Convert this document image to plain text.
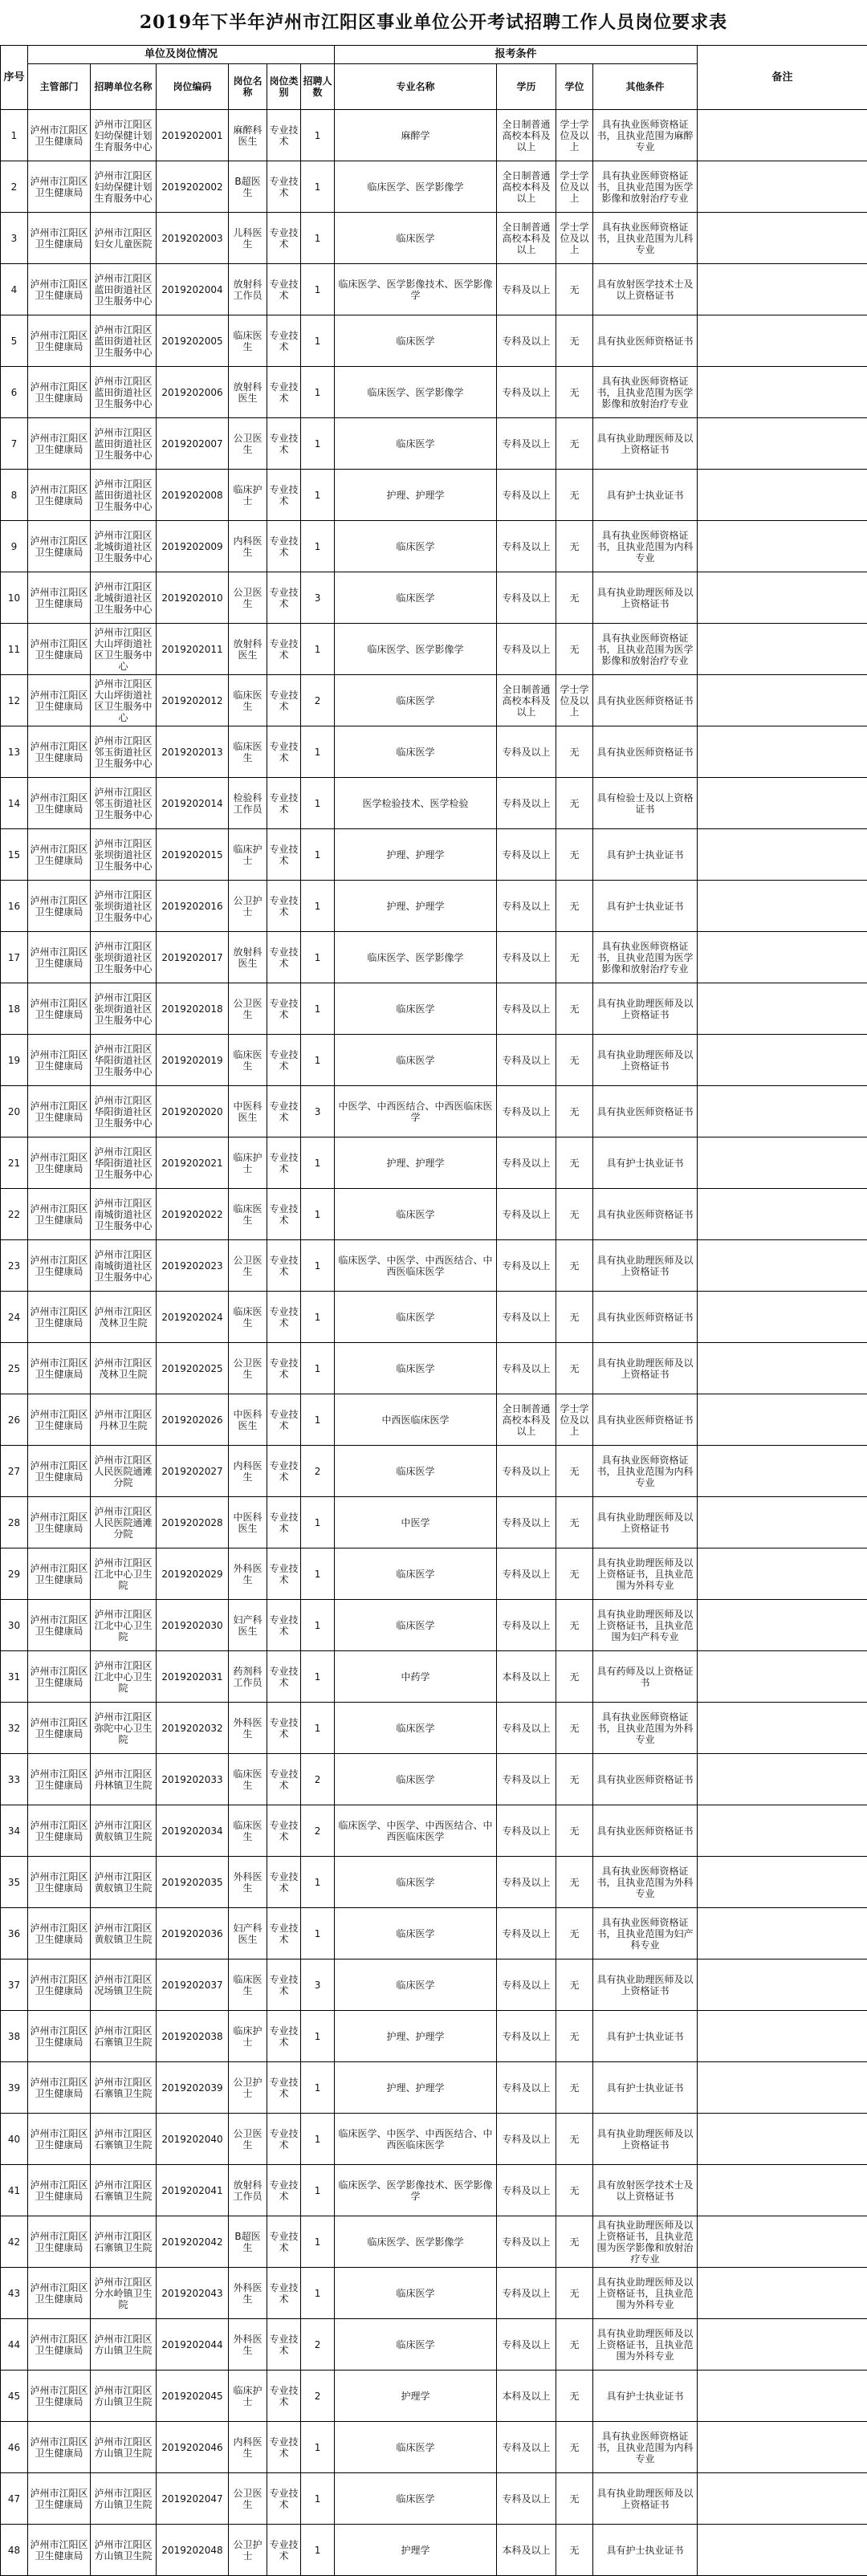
2019年下半年泸州市江阳区事业单位公开考试招聘工作人员岗位要求表
序号	单位及岗位情况						报考条件				备注
	主管部门	招聘单位名称	岗位编码	岗位名称	岗位类别	招聘人数	专业名称	学历	学位	其他条件	
1	泸州市江阳区卫生健康局	泸州市江阳区妇幼保健计划生育服务中心	2019202001	麻醉科医生	专业技术	1	麻醉学	全日制普通高校本科及以上	学士学位及以上	具有执业医师资格证书，且执业范围为麻醉专业	
2	泸州市江阳区卫生健康局	泸州市江阳区妇幼保健计划生育服务中心	2019202002	B超医生	专业技术	1	临床医学、医学影像学	全日制普通高校本科及以上	学士学位及以上	具有执业医师资格证书，且执业范围为医学影像和放射治疗专业	
3	泸州市江阳区卫生健康局	泸州市江阳区妇女儿童医院	2019202003	儿科医生	专业技术	1	临床医学	全日制普通高校本科及以上	学士学位及以上	具有执业医师资格证书，且执业范围为儿科专业	
4	泸州市江阳区卫生健康局	泸州市江阳区蓝田街道社区卫生服务中心	2019202004	放射科工作员	专业技术	1	临床医学、医学影像技术、医学影像学	专科及以上	无	具有放射医学技术士及以上资格证书	
5	泸州市江阳区卫生健康局	泸州市江阳区蓝田街道社区卫生服务中心	2019202005	临床医生	专业技术	1	临床医学	专科及以上	无	具有执业医师资格证书	
6	泸州市江阳区卫生健康局	泸州市江阳区蓝田街道社区卫生服务中心	2019202006	放射科医生	专业技术	1	临床医学、医学影像学	专科及以上	无	具有执业医师资格证书，且执业范围为医学影像和放射治疗专业	
7	泸州市江阳区卫生健康局	泸州市江阳区蓝田街道社区卫生服务中心	2019202007	公卫医生	专业技术	1	临床医学	专科及以上	无	具有执业助理医师及以上资格证书	
8	泸州市江阳区卫生健康局	泸州市江阳区蓝田街道社区卫生服务中心	2019202008	临床护士	专业技术	1	护理、护理学	专科及以上	无	具有护士执业证书	
9	泸州市江阳区卫生健康局	泸州市江阳区北城街道社区卫生服务中心	2019202009	内科医生	专业技术	1	临床医学	专科及以上	无	具有执业医师资格证书，且执业范围为内科专业	
10	泸州市江阳区卫生健康局	泸州市江阳区北城街道社区卫生服务中心	2019202010	公卫医生	专业技术	3	临床医学	专科及以上	无	具有执业助理医师及以上资格证书	
11	泸州市江阳区卫生健康局	泸州市江阳区大山坪街道社区卫生服务中心	2019202011	放射科医生	专业技术	1	临床医学、医学影像学	专科及以上	无	具有执业医师资格证书，且执业范围为医学影像和放射治疗专业	
12	泸州市江阳区卫生健康局	泸州市江阳区大山坪街道社区卫生服务中心	2019202012	临床医生	专业技术	2	临床医学	全日制普通高校本科及以上	学士学位及以上	具有执业医师资格证书	
13	泸州市江阳区卫生健康局	泸州市江阳区邻玉街道社区卫生服务中心	2019202013	临床医生	专业技术	1	临床医学	专科及以上	无	具有执业医师资格证书	
14	泸州市江阳区卫生健康局	泸州市江阳区邻玉街道社区卫生服务中心	2019202014	检验科工作员	专业技术	1	医学检验技术、医学检验	专科及以上	无	具有检验士及以上资格证书	
15	泸州市江阳区卫生健康局	泸州市江阳区张坝街道社区卫生服务中心	2019202015	临床护士	专业技术	1	护理、护理学	专科及以上	无	具有护士执业证书	
16	泸州市江阳区卫生健康局	泸州市江阳区张坝街道社区卫生服务中心	2019202016	公卫护士	专业技术	1	护理、护理学	专科及以上	无	具有护士执业证书	
17	泸州市江阳区卫生健康局	泸州市江阳区张坝街道社区卫生服务中心	2019202017	放射科医生	专业技术	1	临床医学、医学影像学	专科及以上	无	具有执业医师资格证书，且执业范围为医学影像和放射治疗专业	
18	泸州市江阳区卫生健康局	泸州市江阳区张坝街道社区卫生服务中心	2019202018	公卫医生	专业技术	1	临床医学	专科及以上	无	具有执业助理医师及以上资格证书	
19	泸州市江阳区卫生健康局	泸州市江阳区华阳街道社区卫生服务中心	2019202019	临床医生	专业技术	1	临床医学	专科及以上	无	具有执业助理医师及以上资格证书	
20	泸州市江阳区卫生健康局	泸州市江阳区华阳街道社区卫生服务中心	2019202020	中医科医生	专业技术	3	中医学、中西医结合、中西医临床医学	专科及以上	无	具有执业医师资格证书	
21	泸州市江阳区卫生健康局	泸州市江阳区华阳街道社区卫生服务中心	2019202021	临床护士	专业技术	1	护理、护理学	专科及以上	无	具有护士执业证书	
22	泸州市江阳区卫生健康局	泸州市江阳区南城街道社区卫生服务中心	2019202022	临床医生	专业技术	1	临床医学	专科及以上	无	具有执业医师资格证书	
23	泸州市江阳区卫生健康局	泸州市江阳区南城街道社区卫生服务中心	2019202023	公卫医生	专业技术	1	临床医学、中医学、中西医结合、中西医临床医学	专科及以上	无	具有执业助理医师及以上资格证书	
24	泸州市江阳区卫生健康局	泸州市江阳区茂林卫生院	2019202024	临床医生	专业技术	1	临床医学	专科及以上	无	具有执业医师资格证书	
25	泸州市江阳区卫生健康局	泸州市江阳区茂林卫生院	2019202025	公卫医生	专业技术	1	临床医学	专科及以上	无	具有执业助理医师及以上资格证书	
26	泸州市江阳区卫生健康局	泸州市江阳区丹林卫生院	2019202026	中医科医生	专业技术	1	中西医临床医学	全日制普通高校本科及以上	学士学位及以上	具有执业医师资格证书	
27	泸州市江阳区卫生健康局	泸州市江阳区人民医院通滩分院	2019202027	内科医生	专业技术	2	临床医学	专科及以上	无	具有执业医师资格证书，且执业范围为内科专业	
28	泸州市江阳区卫生健康局	泸州市江阳区人民医院通滩分院	2019202028	中医科医生	专业技术	1	中医学	专科及以上	无	具有执业助理医师及以上资格证书	
29	泸州市江阳区卫生健康局	泸州市江阳区江北中心卫生院	2019202029	外科医生	专业技术	1	临床医学	专科及以上	无	具有执业助理医师及以上资格证书，且执业范围为外科专业	
30	泸州市江阳区卫生健康局	泸州市江阳区江北中心卫生院	2019202030	妇产科医生	专业技术	1	临床医学	专科及以上	无	具有执业助理医师及以上资格证书，且执业范围为妇产科专业	
31	泸州市江阳区卫生健康局	泸州市江阳区江北中心卫生院	2019202031	药剂科工作员	专业技术	1	中药学	本科及以上	无	具有药师及以上资格证书	
32	泸州市江阳区卫生健康局	泸州市江阳区弥陀中心卫生院	2019202032	外科医生	专业技术	1	临床医学	专科及以上	无	具有执业医师资格证书，且执业范围为外科专业	
33	泸州市江阳区卫生健康局	泸州市江阳区丹林镇卫生院	2019202033	临床医生	专业技术	2	临床医学	专科及以上	无	具有执业医师资格证书	
34	泸州市江阳区卫生健康局	泸州市江阳区黄舣镇卫生院	2019202034	临床医生	专业技术	2	临床医学、中医学、中西医结合、中西医临床医学	专科及以上	无	具有执业医师资格证书	
35	泸州市江阳区卫生健康局	泸州市江阳区黄舣镇卫生院	2019202035	外科医生	专业技术	1	临床医学	专科及以上	无	具有执业医师资格证书，且执业范围为外科专业	
36	泸州市江阳区卫生健康局	泸州市江阳区黄舣镇卫生院	2019202036	妇产科医生	专业技术	1	临床医学	专科及以上	无	具有执业医师资格证书，且执业范围为妇产科专业	
37	泸州市江阳区卫生健康局	泸州市江阳区况场镇卫生院	2019202037	临床医生	专业技术	3	临床医学	专科及以上	无	具有执业助理医师及以上资格证书	
38	泸州市江阳区卫生健康局	泸州市江阳区石寨镇卫生院	2019202038	临床护士	专业技术	1	护理、护理学	专科及以上	无	具有护士执业证书	
39	泸州市江阳区卫生健康局	泸州市江阳区石寨镇卫生院	2019202039	公卫护士	专业技术	1	护理、护理学	专科及以上	无	具有护士执业证书	
40	泸州市江阳区卫生健康局	泸州市江阳区石寨镇卫生院	2019202040	公卫医生	专业技术	1	临床医学、中医学、中西医结合、中西医临床医学	专科及以上	无	具有执业助理医师及以上资格证书	
41	泸州市江阳区卫生健康局	泸州市江阳区石寨镇卫生院	2019202041	放射科工作员	专业技术	1	临床医学、医学影像技术、医学影像学	专科及以上	无	具有放射医学技术士及以上资格证书	
42	泸州市江阳区卫生健康局	泸州市江阳区石寨镇卫生院	2019202042	B超医生	专业技术	1	临床医学、医学影像学	专科及以上	无	具有执业助理医师及以上资格证书，且执业范围为医学影像和放射治疗专业	
43	泸州市江阳区卫生健康局	泸州市江阳区分水岭镇卫生院	2019202043	外科医生	专业技术	1	临床医学	专科及以上	无	具有执业助理医师及以上资格证书，且执业范围为外科专业	
44	泸州市江阳区卫生健康局	泸州市江阳区方山镇卫生院	2019202044	外科医生	专业技术	2	临床医学	专科及以上	无	具有执业助理医师及以上资格证书，且执业范围为外科专业	
45	泸州市江阳区卫生健康局	泸州市江阳区方山镇卫生院	2019202045	临床护士	专业技术	2	护理学	本科及以上	无	具有护士执业证书	
46	泸州市江阳区卫生健康局	泸州市江阳区方山镇卫生院	2019202046	内科医生	专业技术	1	临床医学	专科及以上	无	具有执业医师资格证书，且执业范围为内科专业	
47	泸州市江阳区卫生健康局	泸州市江阳区方山镇卫生院	2019202047	公卫医生	专业技术	1	临床医学	专科及以上	无	具有执业助理医师及以上资格证书	
48	泸州市江阳区卫生健康局	泸州市江阳区方山镇卫生院	2019202048	公卫护士	专业技术	1	护理学	本科及以上	无	具有护士执业证书	
